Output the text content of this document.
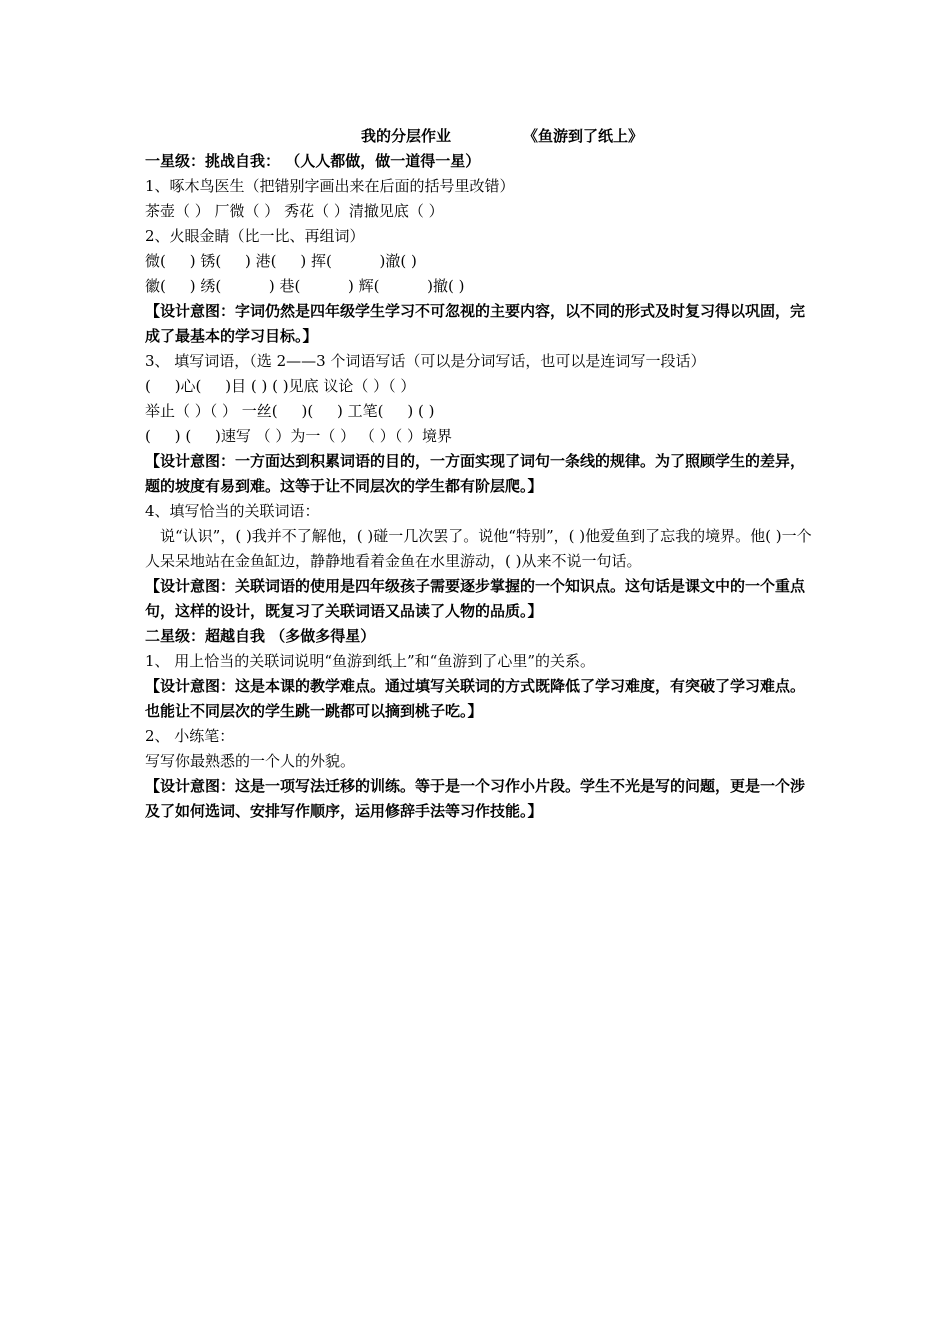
我的分层作业	《鱼游到了纸上》
一星级：挑战自我： （人人都做，做一道得一星）
1、啄木鸟医生（把错别字画出来在后面的括号里改错）
茶壶（ ） 厂微（ ） 秀花（ ）清撤见底（ ）
2、火眼金睛（比一比、再组词）
微(     ) 锈(     ) 港(     ) 挥(          )澈( )
徽(     ) 绣(          ) 巷(          ) 辉(          )撤( )
【设计意图：字词仍然是四年级学生学习不可忽视的主要内容，以不同的形式及时复习得以巩固，完成了最基本的学习目标。】
3、 填写词语，（选 2——3 个词语写话（可以是分词写话，也可以是连词写一段话）
(     )心(     )目 ( ) ( )见底 议论（ ）（ ）
举止（ ）（ ） 一丝(     )(     ) 工笔(     ) ( )
(     ) (     )速写 （ ）为一（ ） （ ）（ ）境界
【设计意图：一方面达到积累词语的目的，一方面实现了词句一条线的规律。为了照顾学生的差异，题的坡度有易到难。这等于让不同层次的学生都有阶层爬。】
4、填写恰当的关联词语：
说“认识”，( )我并不了解他，( )碰一几次罢了。说他“特别”，( )他爱鱼到了忘我的境界。他( )一个人呆呆地站在金鱼缸边，静静地看着金鱼在水里游动，( )从来不说一句话。
【设计意图：关联词语的使用是四年级孩子需要逐步掌握的一个知识点。这句话是课文中的一个重点句，这样的设计，既复习了关联词语又品读了人物的品质。】
二星级：超越自我 （多做多得星）
1、 用上恰当的关联词说明“鱼游到纸上”和“鱼游到了心里”的关系。
【设计意图：这是本课的教学难点。通过填写关联词的方式既降低了学习难度，有突破了学习难点。也能让不同层次的学生跳一跳都可以摘到桃子吃。】
2、 小练笔：
写写你最熟悉的一个人的外貌。
【设计意图：这是一项写法迁移的训练。等于是一个习作小片段。学生不光是写的问题，更是一个涉及了如何选词、安排写作顺序，运用修辞手法等习作技能。】
